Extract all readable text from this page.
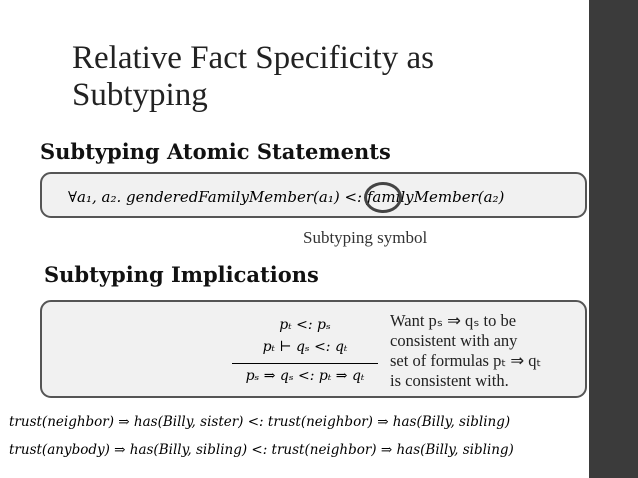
Relative Fact Specificity as
Subtyping
Subtyping Atomic Statements
∀a₁, a₂. genderedFamilyMember(a₁) <: familyMember(a₂)
Subtyping symbol
Subtyping Implications
pₜ <: pₛ
pₜ ⊢ qₛ <: qₜ
pₛ ⇒ qₛ <: pₜ ⇒ qₜ
Want pₛ ⇒ qₛ to be
consistent with any
set of formulas pₜ ⇒ qₜ
is consistent with.
trust(neighbor) ⇒ has(Billy, sister) <: trust(neighbor) ⇒ has(Billy, sibling)
trust(anybody) ⇒ has(Billy, sibling) <: trust(neighbor) ⇒ has(Billy, sibling)
